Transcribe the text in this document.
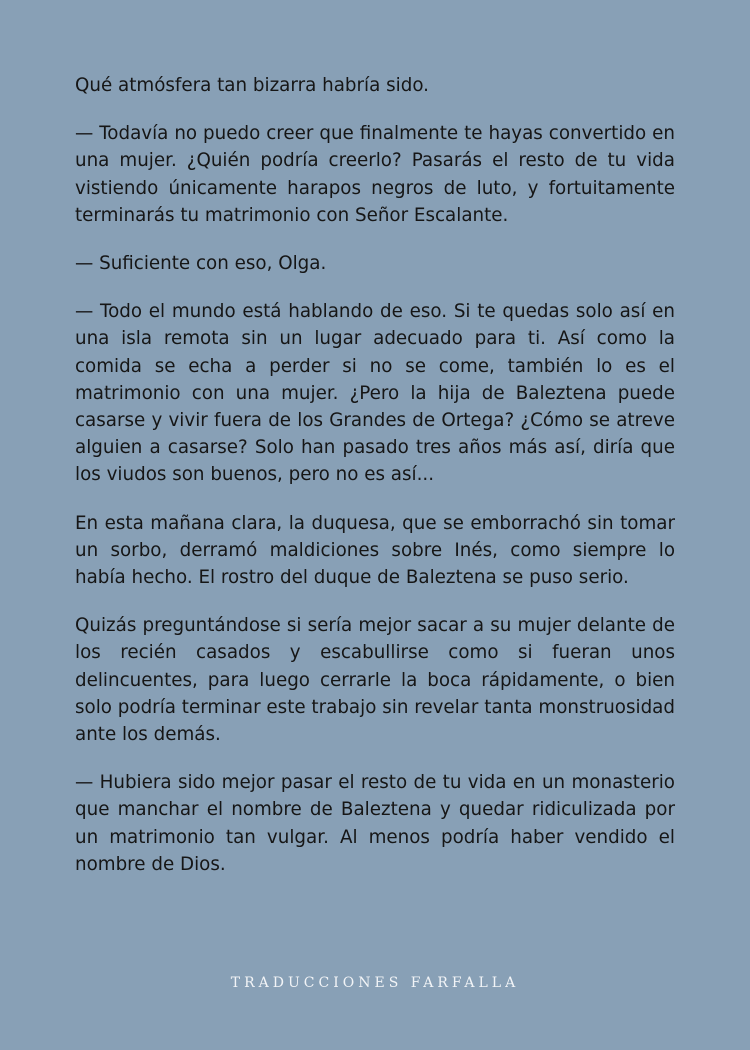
Qué atmósfera tan bizarra habría sido.

— Todavía no puedo creer que finalmente te hayas convertido en una mujer. ¿Quién podría creerlo? Pasarás el resto de tu vida vistiendo únicamente harapos negros de luto, y fortuitamente terminarás tu matrimonio con Señor Escalante.

— Suficiente con eso, Olga.

— Todo el mundo está hablando de eso. Si te quedas solo así en una isla remota sin un lugar adecuado para ti. Así como la comida se echa a perder si no se come, también lo es el matrimonio con una mujer. ¿Pero la hija de Baleztena puede casarse y vivir fuera de los Grandes de Ortega? ¿Cómo se atreve alguien a casarse? Solo han pasado tres años más así, diría que los viudos son buenos, pero no es así...

En esta mañana clara, la duquesa, que se emborrachó sin tomar un sorbo, derramó maldiciones sobre Inés, como siempre lo había hecho. El rostro del duque de Baleztena se puso serio.

Quizás preguntándose si sería mejor sacar a su mujer delante de los recién casados y escabullirse como si fueran unos delincuentes, para luego cerrarle la boca rápidamente, o bien solo podría terminar este trabajo sin revelar tanta monstruosidad ante los demás.

— Hubiera sido mejor pasar el resto de tu vida en un monasterio que manchar el nombre de Baleztena y quedar ridiculizada por un matrimonio tan vulgar. Al menos podría haber vendido el nombre de Dios.

TRADUCCIONES FARFALLA
